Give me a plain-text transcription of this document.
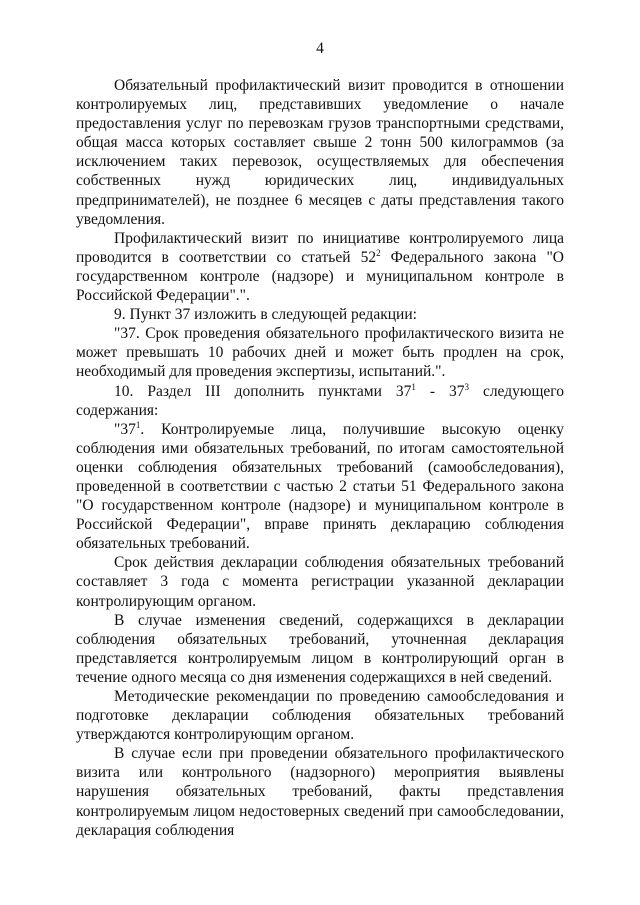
4

Обязательный профилактический визит проводится в отношении контролируемых лиц, представивших уведомление о начале предоставления услуг по перевозкам грузов транспортными средствами, общая масса которых составляет свыше 2 тонн 500 килограммов (за исключением таких перевозок, осуществляемых для обеспечения собственных нужд юридических лиц, индивидуальных предпринимателей), не позднее 6 месяцев с даты представления такого уведомления.

Профилактический визит по инициативе контролируемого лица проводится в соответствии со статьей $52^2$ Федерального закона "О государственном контроле (надзоре) и муниципальном контроле в Российской Федерации".".

9. Пункт 37 изложить в следующей редакции:

"37. Срок проведения обязательного профилактического визита не может превышать 10 рабочих дней и может быть продлен на срок, необходимый для проведения экспертизы, испытаний.".

10. Раздел III дополнить пунктами $37^1 - 37^3$ следующего содержания:

"$37^1$. Контролируемые лица, получившие высокую оценку соблюдения ими обязательных требований, по итогам самостоятельной оценки соблюдения обязательных требований (самообследования), проведенной в соответствии с частью 2 статьи 51 Федерального закона "О государственном контроле (надзоре) и муниципальном контроле в Российской Федерации", вправе принять декларацию соблюдения обязательных требований.

Срок действия декларации соблюдения обязательных требований составляет 3 года с момента регистрации указанной декларации контролирующим органом.

В случае изменения сведений, содержащихся в декларации соблюдения обязательных требований, уточненная декларация представляется контролируемым лицом в контролирующий орган в течение одного месяца со дня изменения содержащихся в ней сведений.

Методические рекомендации по проведению самообследования и подготовке декларации соблюдения обязательных требований утверждаются контролирующим органом.

В случае если при проведении обязательного профилактического визита или контрольного (надзорного) мероприятия выявлены нарушения обязательных требований, факты представления контролируемым лицом недостоверных сведений при самообследовании, декларация соблюдения
